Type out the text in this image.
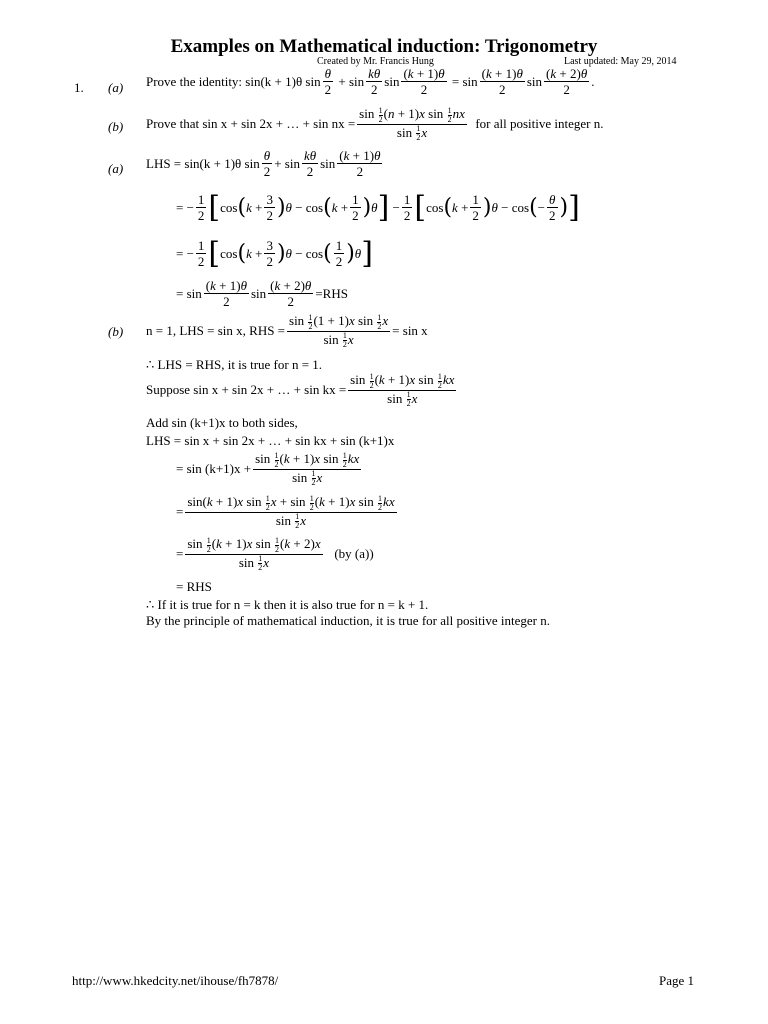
Examples on Mathematical induction: Trigonometry
Created by Mr. Francis Hung	Last updated: May 29, 2014
1. (a) Prove the identity: sin(k + 1)θ $\sin \frac{\theta}{2} + \sin \frac{k\theta}{2}$ $\sin \frac{(k + 1)\theta}{2} = \sin \frac{(k + 1)\theta}{2}$ $\sin \frac{(k + 2)\theta}{2}$ .
(b) Prove that sin x + sin 2x + … + sin nx = $\frac{\sin \frac{1}{2} (n + 1)x \sin \frac{1}{2} nx}{\sin \frac{1}{2} x}$
for all positive integer n.
(a) LHS = sin(k + 1)θ $\sin \frac{\theta}{2} + \sin \frac{k\theta}{2}$ $\sin \frac{(k + 1)\theta}{2}$
= − $\frac{1}{2}$ [ cos ( $k + \frac{3}{2}$ ) θ − cos ( $k + \frac{1}{2}$ ) θ ] − $\frac{1}{2}$ [ cos ( $k + \frac{1}{2}$ ) θ − cos ( − $\frac{\theta}{2}$ ) ]
= − $\frac{1}{2}$ [ cos ( $k + \frac{3}{2}$ ) θ − cos ( $\frac{1}{2}$ ) θ ]
= $\sin \frac{(k + 1)\theta}{2}$ $\sin \frac{(k + 2)\theta}{2} =RHS$
(b) n = 1, LHS = sin x, RHS = $\frac{\sin \frac{1}{2} (1 + 1)x \sin \frac{1}{2} x}{\sin \frac{1}{2} x} = \sin x$
∴ LHS = RHS, it is true for n = 1.
Suppose sin x + sin 2x + … + sin kx = $\frac{\sin \frac{1}{2} (k + 1)x \sin \frac{1}{2} kx}{\sin \frac{1}{2} x}$
Add sin (k+1)x to both sides,
LHS = sin x + sin 2x + … + sin kx + sin (k+1)x
= $\sin (k+1)x + \frac{\sin \frac{1}{2} (k + 1)x \sin \frac{1}{2} kx}{\sin \frac{1}{2} x}$
= $\frac{\sin(k + 1)x \sin \frac{1}{2} x + \sin \frac{1}{2} (k + 1)x \sin \frac{1}{2} kx}{\sin \frac{1}{2} x}$
= $\frac{\sin \frac{1}{2} (k + 1)x \sin \frac{1}{2} (k + 2)x}{\sin \frac{1}{2} x}$
(by (a))
= RHS
∴ If it is true for n = k then it is also true for n = k + 1.
By the principle of mathematical induction, it is true for all positive integer n.
http://www.hkedcity.net/ihouse/fh7878/	Page 1
